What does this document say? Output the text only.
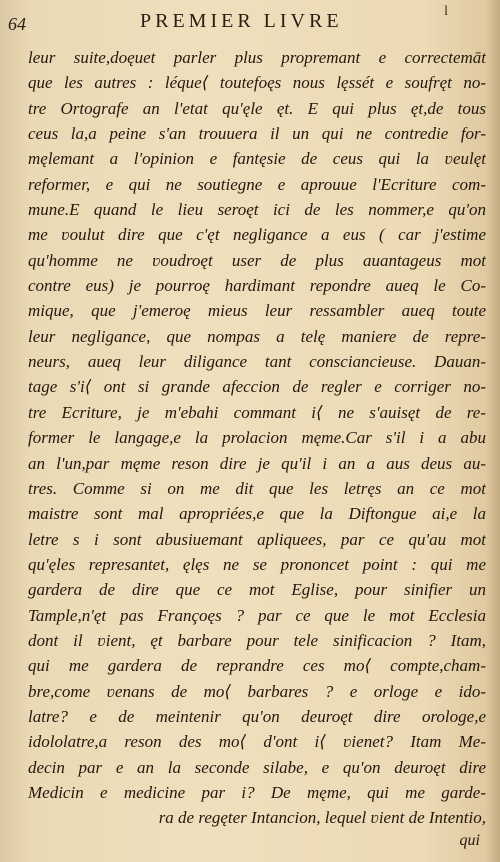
64	PREMIER LIVRE	l
leur suite,doęuet parler plus propremant e correctemāt
que les autres : léque⟨ toutefoęs nous lęssét e soufręt no-
tre Ortografe an l'etat qu'ęle ęt. E qui plus ęt,de tous
ceus la,a peine s'an trouuera il un qui ne contredie for-
męlemant a l'opinion e fantęsie de ceus qui la ʋeulęt
reformer, e qui ne soutiegne e aprouue l'Ecriture com-
mune.E quand le lieu seroęt ici de les nommer,e qu'on
me ʋoulut dire que c'ęt negligance a eus ( car j'estime
qu'homme ne ʋoudroęt user de plus auantageus mot
contre eus) je pourroę hardimant repondre aueq le Co-
mique, que j'emeroę mieus leur ressambler aueq toute
leur negligance, que nompas a telę maniere de repre-
neurs, aueq leur diligance tant consciancieuse. Dauan-
tage s'i⟨ ont si grande afeccion de regler e corriger no-
tre Ecriture, je m'ebahi commant i⟨ ne s'auisęt de re-
former le langage,e la prolacion męme.Car s'il i a abu
an l'un,par męme reson dire je qu'il i an a aus deus au-
tres. Comme si on me dit que les letręs an ce mot
maistre sont mal apropriées,e que la Diftongue ai,e la
letre s i sont abusiuemant apliquees, par ce qu'au mot
qu'ęles represantet, ęlęs ne se prononcet point : qui me
gardera de dire que ce mot Eglise, pour sinifier un
Tample,n'ęt pas Françoęs ? par ce que le mot Ecclesia
dont il ʋient, ęt barbare pour tele sinificacion ? Itam,
qui me gardera de reprandre ces mo⟨ compte,cham-
bre,come ʋenans de mo⟨ barbares ? e orloge e ido-
latre? e de meintenir qu'on deuroęt dire orologe,e
idololatre,a reson des mo⟨ d'ont i⟨ ʋienet? Itam Me-
decin par e an la seconde silabe, e qu'on deuroęt dire
Medicin e medicine par i? De męme, qui me garde-
ra de regęter Intancion, lequel ʋient de Intentio,
qui
